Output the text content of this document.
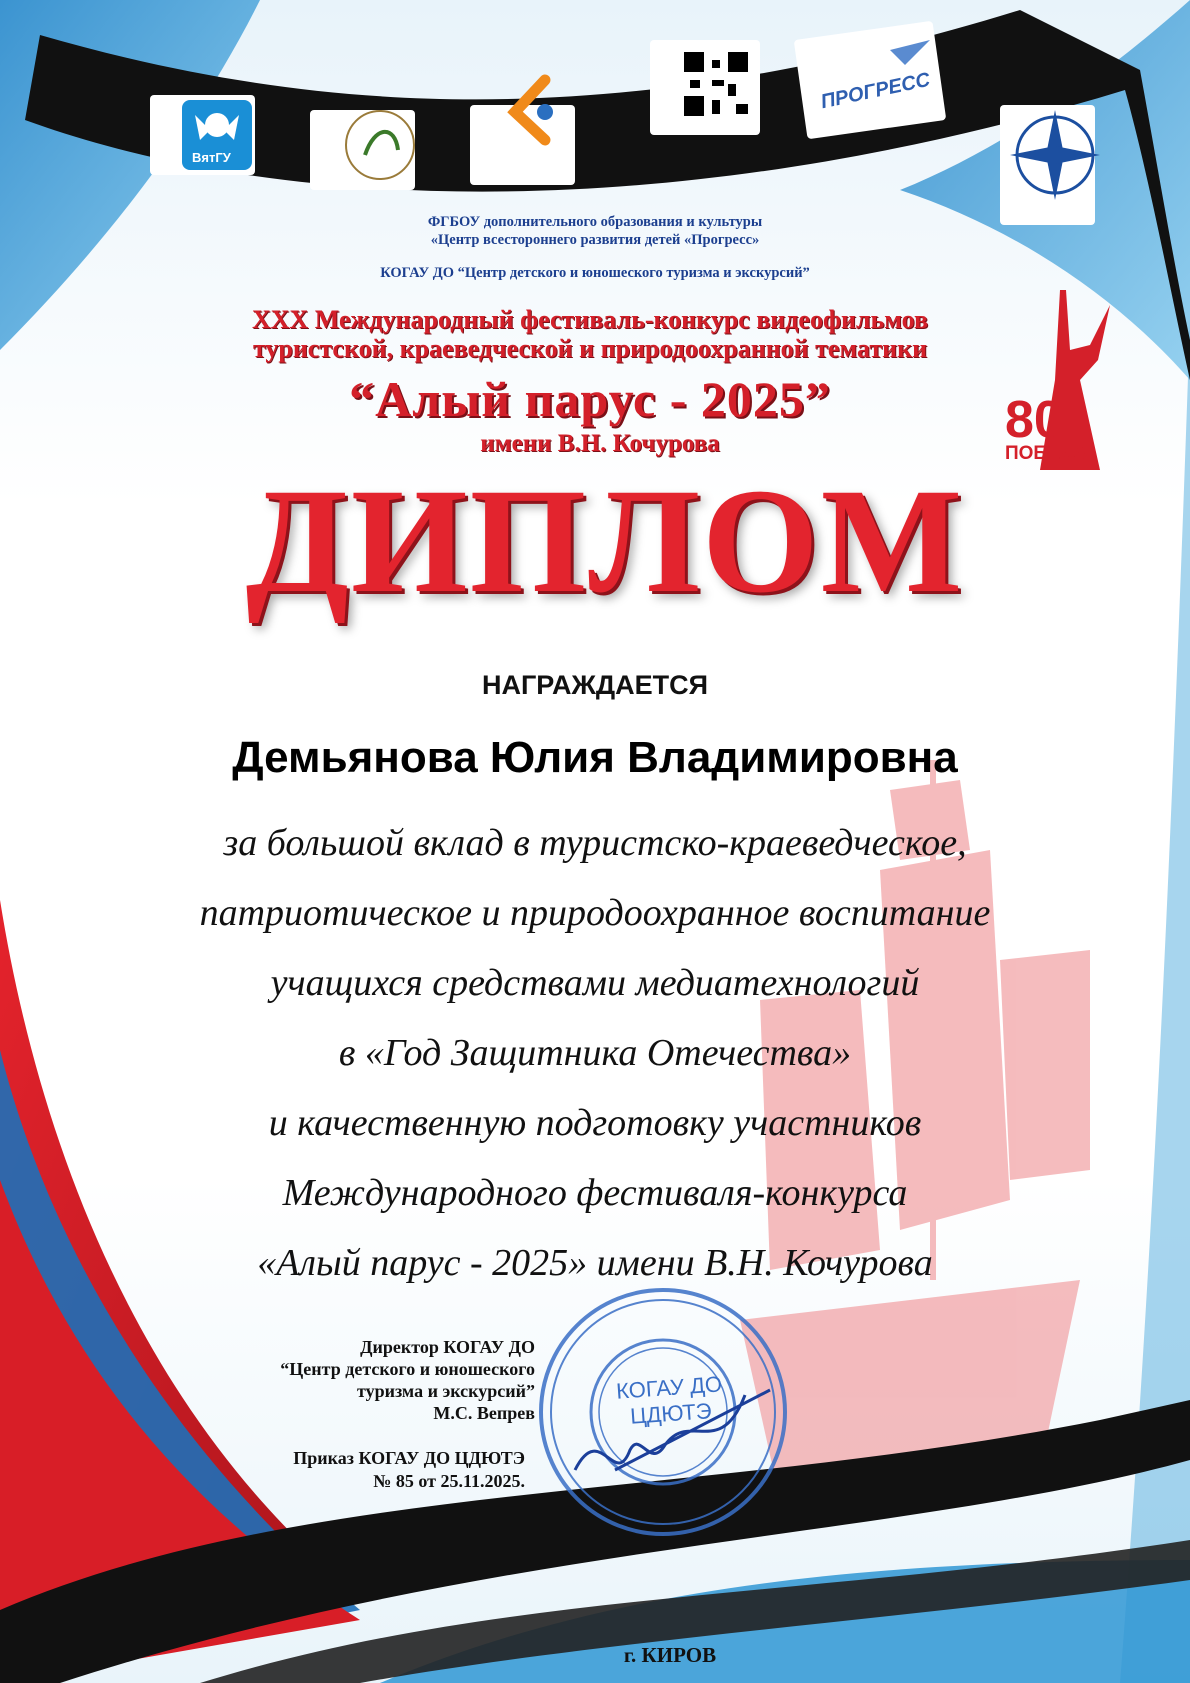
ВятГУ
ПРОГРЕСС
ФГБОУ дополнительного образования и культуры
«Центр всестороннего развития детей «Прогресс»
КОГАУ ДО “Центр детского и юношеского туризма и экскурсий”
XXX Международный фестиваль-конкурс видеофильмов
туристской, краеведческой и природоохранной тематики
“Алый парус - 2025”
имени В.Н. Кочурова	80
ПОБЕДА!
ДИПЛОМ
НАГРАЖДАЕТСЯ
Демьянова Юлия Владимировна
за большой вклад в туристско-краеведческое,
патриотическое и природоохранное воспитание
учащихся средствами медиатехнологий
в «Год Защитника Отечества»
и качественную подготовку участников
Международного фестиваля-конкурса
«Алый парус - 2025» имени В.Н. Кочурова
Директор КОГАУ ДО
“Центр детского и юношеского
туризма и экскурсий”
М.С. Вепрев
Приказ КОГАУ ДО ЦДЮТЭ
№ 85 от 25.11.2025.
КОГАУ ДО
ЦДЮТЭ
г. КИРОВ
